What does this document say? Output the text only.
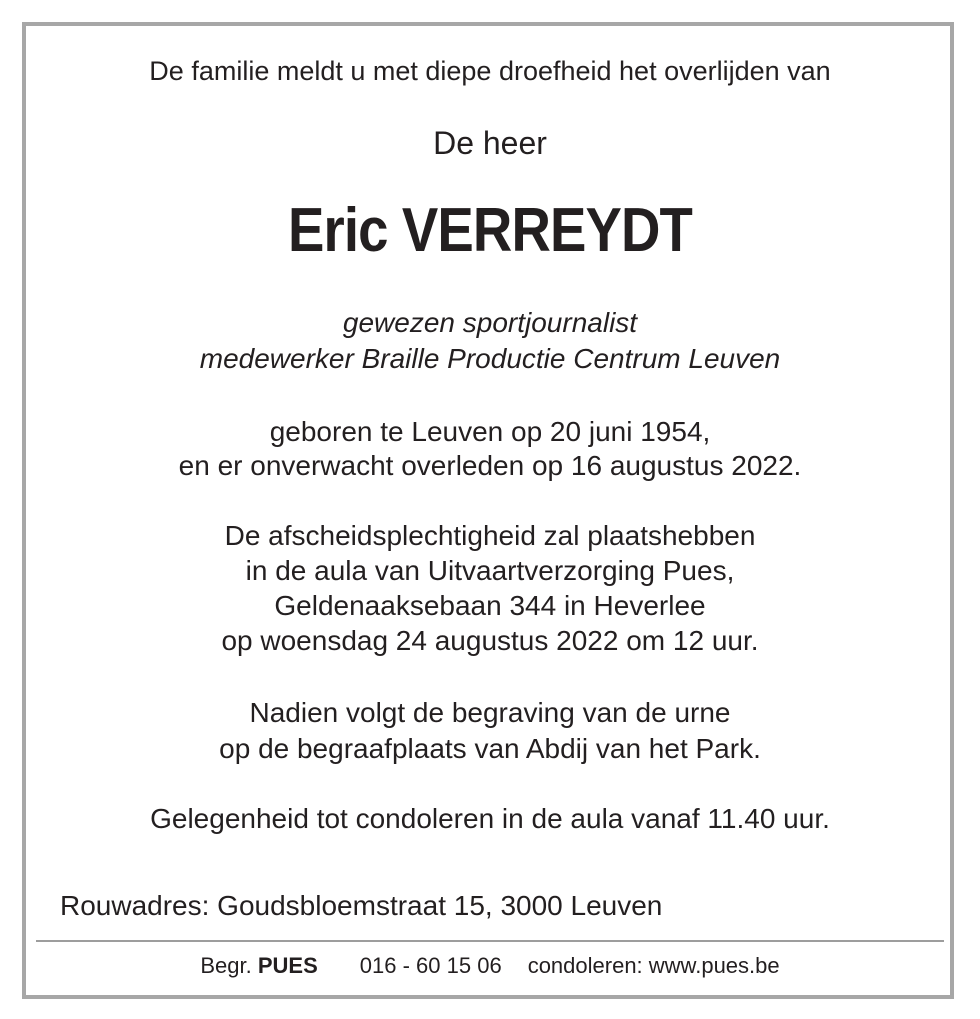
De familie meldt u met diepe droefheid het overlijden van
De heer
Eric VERREYDT
gewezen sportjournalist
medewerker Braille Productie Centrum Leuven
geboren te Leuven op 20 juni 1954,
en er onverwacht overleden op 16 augustus 2022.
De afscheidsplechtigheid zal plaatshebben
in de aula van Uitvaartverzorging Pues,
Geldenaaksebaan 344 in Heverlee
op woensdag 24 augustus 2022 om 12 uur.
Nadien volgt de begraving van de urne
op de begraafplaats van Abdij van het Park.
Gelegenheid tot condoleren in de aula vanaf 11.40 uur.
Rouwadres: Goudsbloemstraat 15, 3000 Leuven
Begr. PUES 016 - 60 15 06 condoleren: www.pues.be
